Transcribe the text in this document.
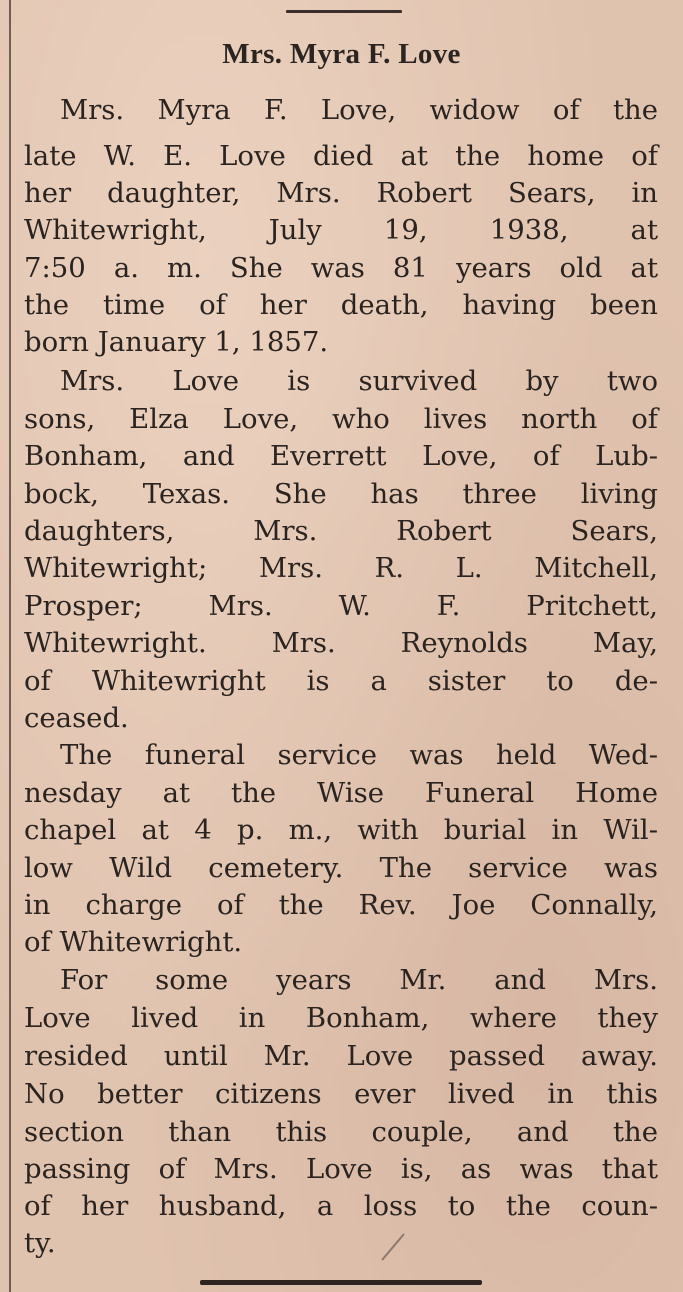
Mrs. Myra F. Love
Mrs. Myra F. Love, widow of the
late W. E. Love died at the home of
her daughter, Mrs. Robert Sears, in
Whitewright, July 19, 1938, at
7:50 a. m. She was 81 years old at
the time of her death, having been
born January 1, 1857.
Mrs. Love is survived by two
sons, Elza Love, who lives north of
Bonham, and Everrett Love, of Lub-
bock, Texas. She has three living
daughters, Mrs. Robert Sears,
Whitewright; Mrs. R. L. Mitchell,
Prosper; Mrs. W. F. Pritchett,
Whitewright. Mrs. Reynolds May,
of Whitewright is a sister to de-
ceased.
The funeral service was held Wed-
nesday at the Wise Funeral Home
chapel at 4 p. m., with burial in Wil-
low Wild cemetery. The service was
in charge of the Rev. Joe Connally,
of Whitewright.
For some years Mr. and Mrs.
Love lived in Bonham, where they
resided until Mr. Love passed away.
No better citizens ever lived in this
section than this couple, and the
passing of Mrs. Love is, as was that
of her husband, a loss to the coun-
ty.
